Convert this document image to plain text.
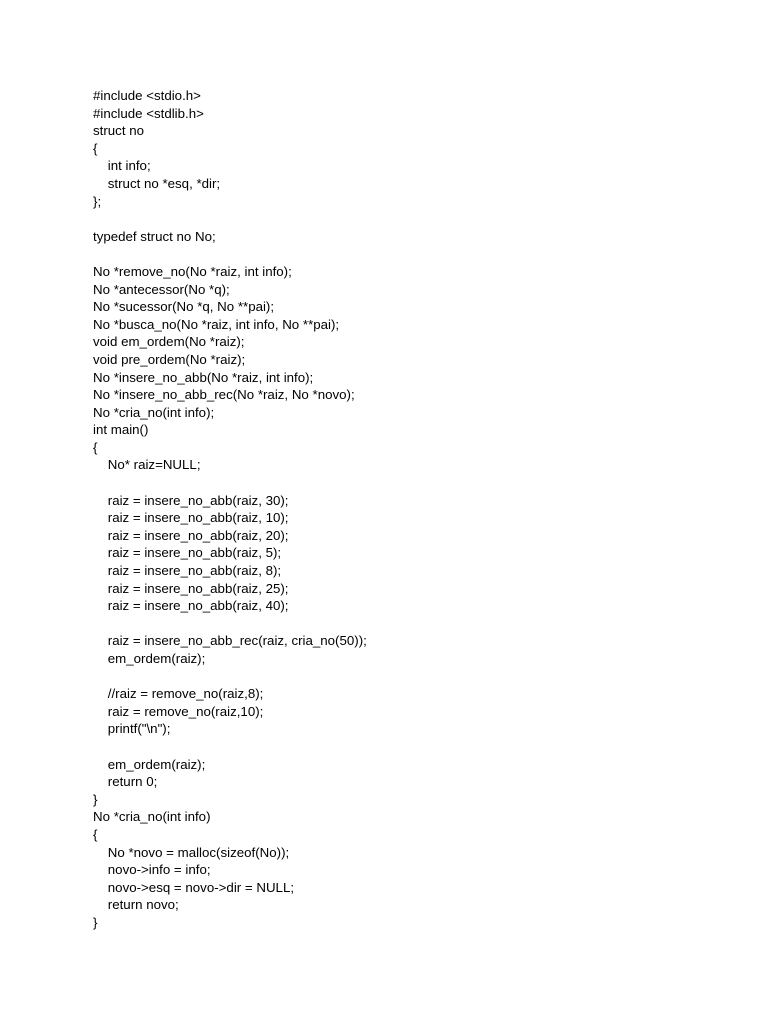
#include <stdio.h>
#include <stdlib.h>
struct no
{
int info;
struct no *esq, *dir;
};
typedef struct no No;
No *remove_no(No *raiz, int info);
No *antecessor(No *q);
No *sucessor(No *q, No **pai);
No *busca_no(No *raiz, int info, No **pai);
void em_ordem(No *raiz);
void pre_ordem(No *raiz);
No *insere_no_abb(No *raiz, int info);
No *insere_no_abb_rec(No *raiz, No *novo);
No *cria_no(int info);
int main()
{
No* raiz=NULL;
raiz = insere_no_abb(raiz, 30);
raiz = insere_no_abb(raiz, 10);
raiz = insere_no_abb(raiz, 20);
raiz = insere_no_abb(raiz, 5);
raiz = insere_no_abb(raiz, 8);
raiz = insere_no_abb(raiz, 25);
raiz = insere_no_abb(raiz, 40);
raiz = insere_no_abb_rec(raiz, cria_no(50));
em_ordem(raiz);
//raiz = remove_no(raiz,8);
raiz = remove_no(raiz,10);
printf("\n");
em_ordem(raiz);
return 0;
}
No *cria_no(int info)
{
No *novo = malloc(sizeof(No));
novo->info = info;
novo->esq = novo->dir = NULL;
return novo;
}
